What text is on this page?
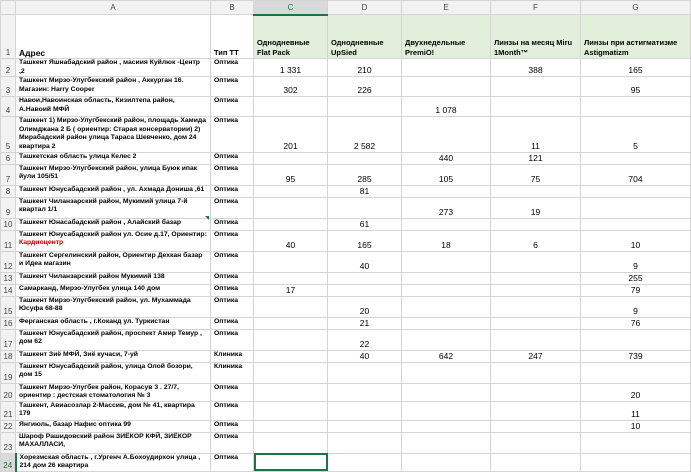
	A	B	C	D	E	F	G
1	Адрес	Тип ТТ	Однодневные Flat Pack	Однодневные UpSied	Двухнедельные PremiO!	Линзы на месяц Miru 1Month™	Линзы при астигматизме Astigmatizm
2	Ташкент Яшнабадский район , масиия Куйлюк -Центр ,2	Оптика	1 331	210		388	165
3	Ташкент Мирзо-Улугбекский район , Аккурган 16. Магазин: Harry Cooper	Оптика	302	226			95
4	Навои,Навоинская область, Кизилтепа район, А.Навоий МФЙ	Оптика			1 078		
5	Ташкент 1) Мирзо-Улугбекский район, площадь Хамида Олимджана 2 Б ( ориентир: Старая консерватории) 2) Мирабадский район улица Тараса Шевченко, дом 24 квартира 2	Оптика	201	2 582		11	5
6	Ташкетская область улица Келес 2	Оптика			440	121	
7	Ташкент Мирзо-Улугбекский район, улица Буюк ипак йули 105/51	Оптика	95	285	105	75	704
8	Ташкент Юнусабадский район , ул. Ахмада Дониша ,61	Оптика		81			
9	Ташкент Чиланзарский район, Мукимий улица 7-й квартал 1/1	Оптика			273	19	
10	Ташкент Юнасабадский район , Алайский базар	Оптика		61			
11	Ташкент Юнусабадский район ул. Осие д.17, Ориентир: Кардиоцентр	Оптика	40	165	18	6	10
12	Ташкент Сергелинский район, Ориентир Дехкан базар и Идеа магазин	Оптика		40			9
13	Ташкент Чиланзарский район Мукимий 138	Оптика					255
14	Самарканд, Мирзо-Улугбек улица 140 дом	Оптика	17				79
15	Ташкент Мирзо-Улугбекский район, ул. Мухаммада Юсуфа 68-88	Оптика		20			9
16	Ферганская область , г.Коканд ул. Туркистан	Оптика		21			76
17	Ташкент Юнусабадский район, проспект Амир Темур , дом 62	Оптика		22			
18	Ташкент Зиё МФЙ, Зиё кучаси, 7-уй	Клиника		40	642	247	739
19	Ташкент Юнусабадский район, улица Олой бозори, дом 15	Клиника					
20	Ташкент Мирзо-Улугбек район, Корасув 3 . 27/7, ориентир : дестская стоматология № 3	Оптика					20
21	Ташкент, Авиасозлар 2-Массив, дом № 41, квартира 179	Оптика					11
22	Янгиюль, базар Нафис оптика 99	Оптика					10
23	Шароф Рашидовский район ЗИЁКОР КФЙ, ЗИЁКОР МАХАЛЛАСИ,	Оптика					
24	Хорезмская область , г.Ургенч А.Бохоудирхон улица , 214 дом 26 квартира	Оптика					
